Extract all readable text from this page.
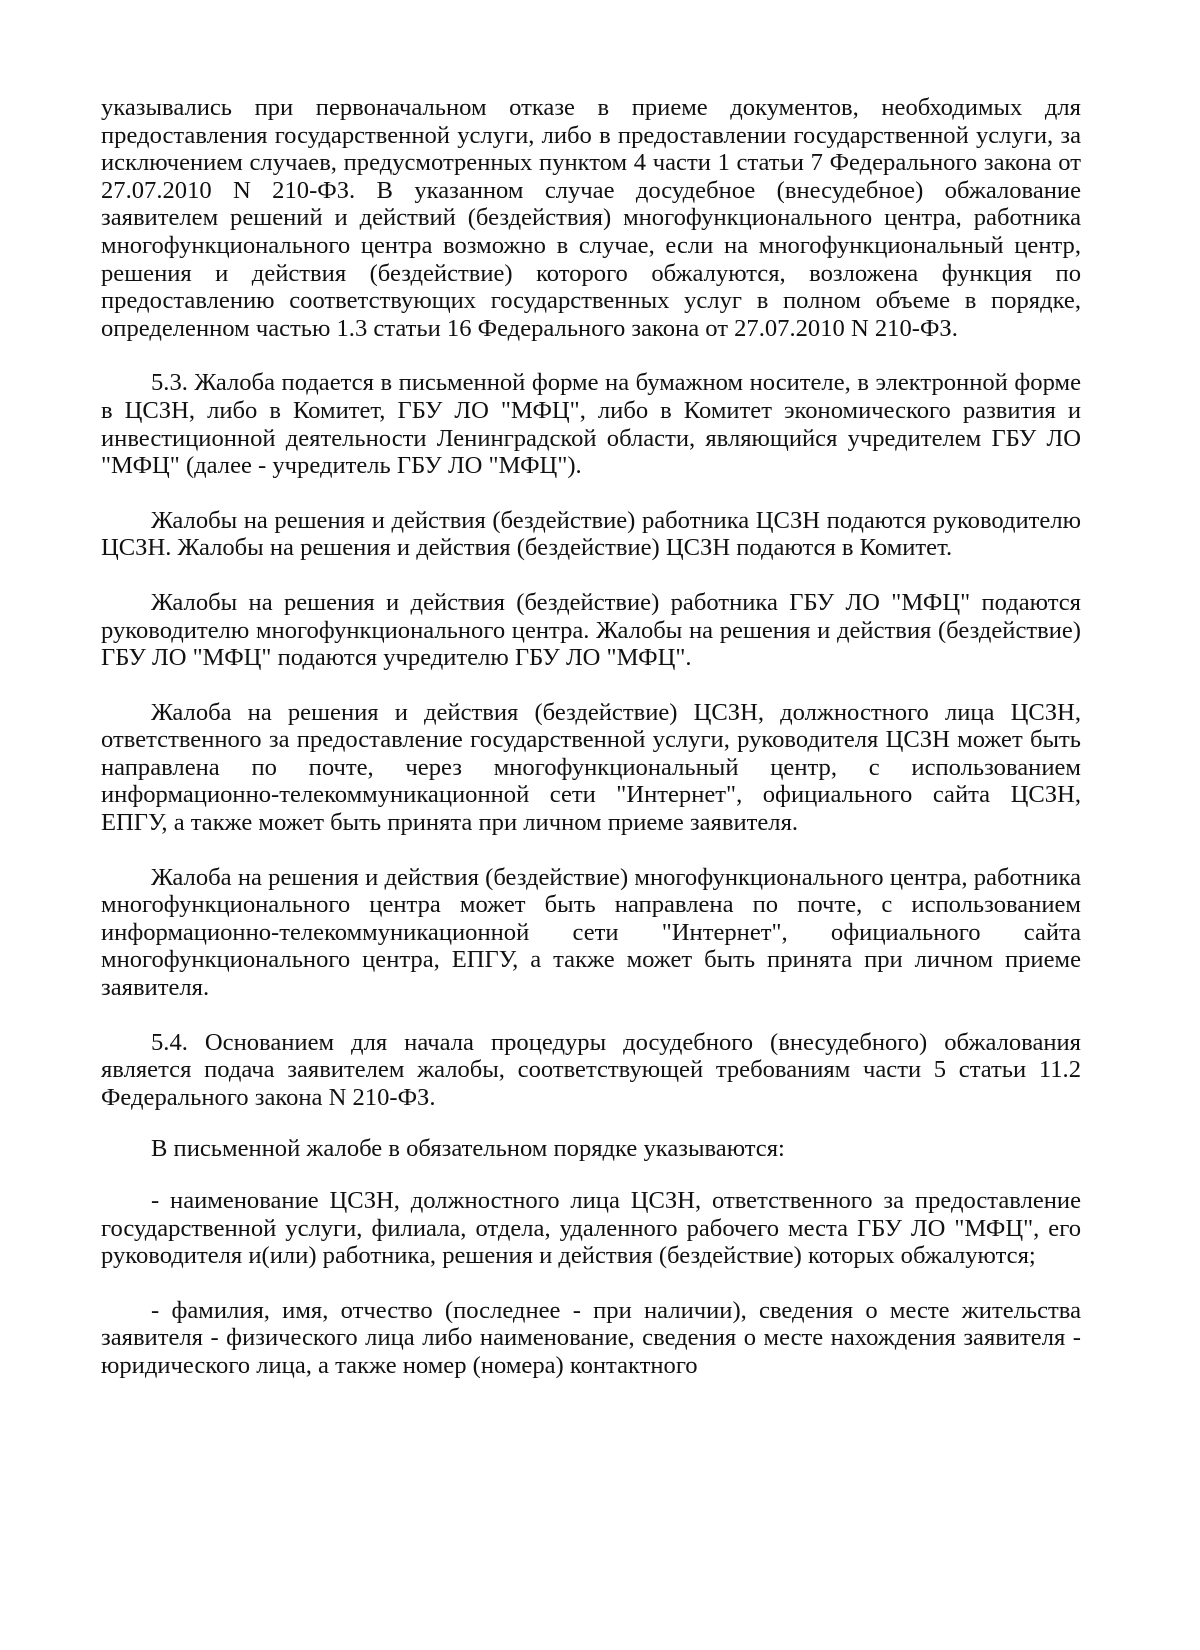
указывались при первоначальном отказе в приеме документов, необходимых для предоставления государственной услуги, либо в предоставлении государственной услуги, за исключением случаев, предусмотренных пунктом 4 части 1 статьи 7 Федерального закона от 27.07.2010 N 210-ФЗ. В указанном случае досудебное (внесудебное) обжалование заявителем решений и действий (бездействия) многофункционального центра, работника многофункционального центра возможно в случае, если на многофункциональный центр, решения и действия (бездействие) которого обжалуются, возложена функция по предоставлению соответствующих государственных услуг в полном объеме в порядке, определенном частью 1.3 статьи 16 Федерального закона от 27.07.2010 N 210-ФЗ.

5.3. Жалоба подается в письменной форме на бумажном носителе, в электронной форме в ЦСЗН, либо в Комитет, ГБУ ЛО "МФЦ", либо в Комитет экономического развития и инвестиционной деятельности Ленинградской области, являющийся учредителем ГБУ ЛО "МФЦ" (далее - учредитель ГБУ ЛО "МФЦ").

Жалобы на решения и действия (бездействие) работника ЦСЗН подаются руководителю ЦСЗН. Жалобы на решения и действия (бездействие) ЦСЗН подаются в Комитет.

Жалобы на решения и действия (бездействие) работника ГБУ ЛО "МФЦ" подаются руководителю многофункционального центра. Жалобы на решения и действия (бездействие) ГБУ ЛО "МФЦ" подаются учредителю ГБУ ЛО "МФЦ".

Жалоба на решения и действия (бездействие) ЦСЗН, должностного лица ЦСЗН, ответственного за предоставление государственной услуги, руководителя ЦСЗН может быть направлена по почте, через многофункциональный центр, с использованием информационно-телекоммуникационной сети "Интернет", официального сайта ЦСЗН, ЕПГУ, а также может быть принята при личном приеме заявителя.

Жалоба на решения и действия (бездействие) многофункционального центра, работника многофункционального центра может быть направлена по почте, с использованием информационно-телекоммуникационной сети "Интернет", официального сайта многофункционального центра, ЕПГУ, а также может быть принята при личном приеме заявителя.

5.4. Основанием для начала процедуры досудебного (внесудебного) обжалования является подача заявителем жалобы, соответствующей требованиям части 5 статьи 11.2 Федерального закона N 210-ФЗ.

В письменной жалобе в обязательном порядке указываются:

- наименование ЦСЗН, должностного лица ЦСЗН, ответственного за предоставление государственной услуги, филиала, отдела, удаленного рабочего места ГБУ ЛО "МФЦ", его руководителя и(или) работника, решения и действия (бездействие) которых обжалуются;

- фамилия, имя, отчество (последнее - при наличии), сведения о месте жительства заявителя - физического лица либо наименование, сведения о месте нахождения заявителя - юридического лица, а также номер (номера) контактного
